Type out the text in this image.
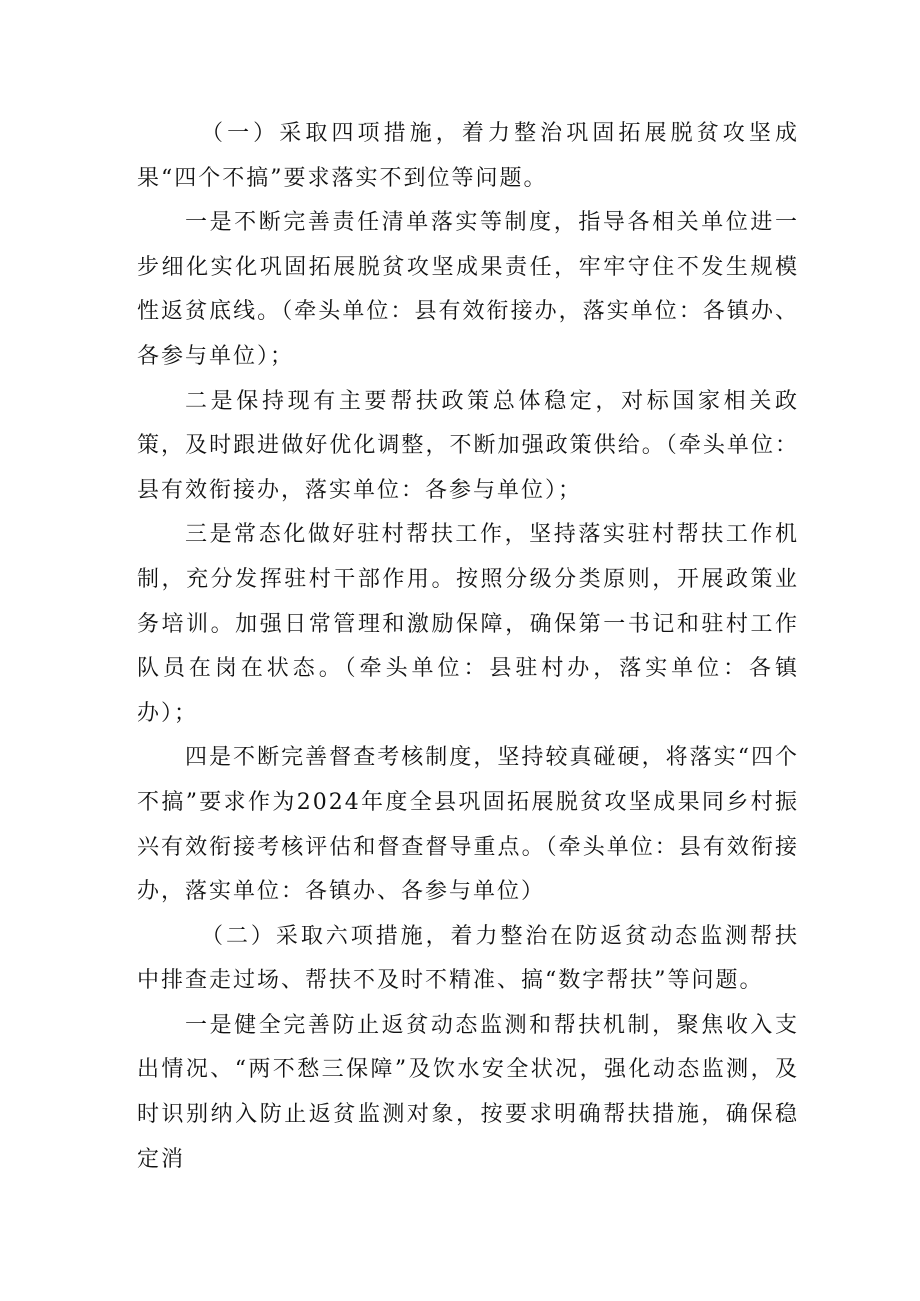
（一）采取四项措施，着力整治巩固拓展脱贫攻坚成果“四个不搞”要求落实不到位等问题。

一是不断完善责任清单落实等制度，指导各相关单位进一步细化实化巩固拓展脱贫攻坚成果责任，牢牢守住不发生规模性返贫底线。（牵头单位：县有效衔接办，落实单位：各镇办、各参与单位）；

二是保持现有主要帮扶政策总体稳定，对标国家相关政策，及时跟进做好优化调整，不断加强政策供给。（牵头单位：县有效衔接办，落实单位：各参与单位）；

三是常态化做好驻村帮扶工作，坚持落实驻村帮扶工作机制，充分发挥驻村干部作用。按照分级分类原则，开展政策业务培训。加强日常管理和激励保障，确保第一书记和驻村工作队员在岗在状态。（牵头单位：县驻村办，落实单位：各镇办）；

四是不断完善督查考核制度，坚持较真碰硬，将落实“四个不搞”要求作为2024年度全县巩固拓展脱贫攻坚成果同乡村振兴有效衔接考核评估和督查督导重点。（牵头单位：县有效衔接办，落实单位：各镇办、各参与单位）

（二）采取六项措施，着力整治在防返贫动态监测帮扶中排查走过场、帮扶不及时不精准、搞“数字帮扶”等问题。

一是健全完善防止返贫动态监测和帮扶机制，聚焦收入支出情况、“两不愁三保障”及饮水安全状况，强化动态监测，及时识别纳入防止返贫监测对象，按要求明确帮扶措施，确保稳定消
